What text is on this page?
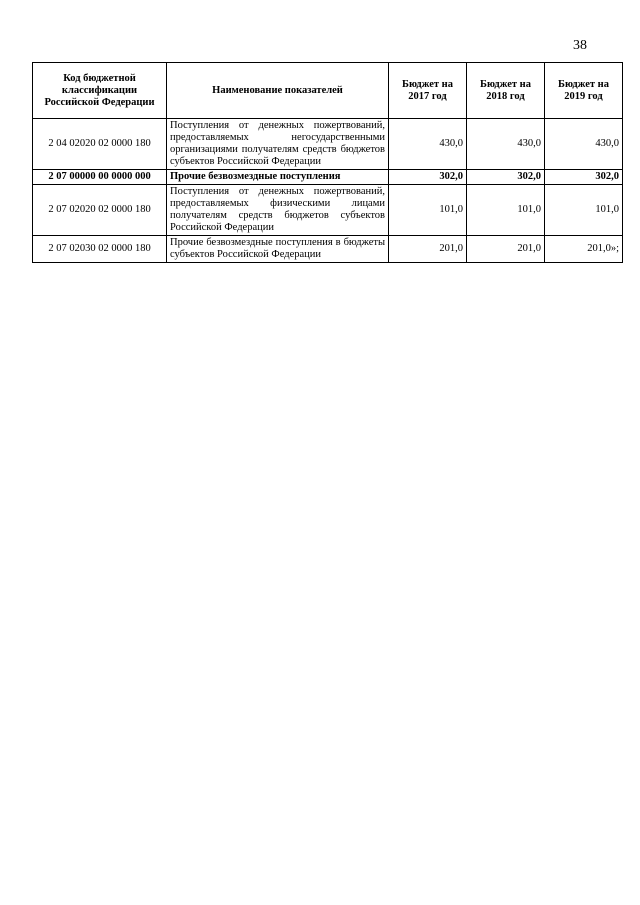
38
Код бюджетной классификации Российской Федерации	Наименование показателей	Бюджет на 2017 год	Бюджет на 2018 год	Бюджет на 2019 год
2 04 02020 02 0000 180	Поступления от денежных пожертвований, предоставляемых негосударственными организациями получателям средств бюджетов субъектов Российской Федерации	430,0	430,0	430,0
2 07 00000 00 0000 000	Прочие безвозмездные поступления	302,0	302,0	302,0
2 07 02020 02 0000 180	Поступления от денежных пожертвований, предоставляемых физическими лицами получателям средств бюджетов субъектов Российской Федерации	101,0	101,0	101,0
2 07 02030 02 0000 180	Прочие безвозмездные поступления в бюджеты субъектов Российской Федерации	201,0	201,0	201,0»;
